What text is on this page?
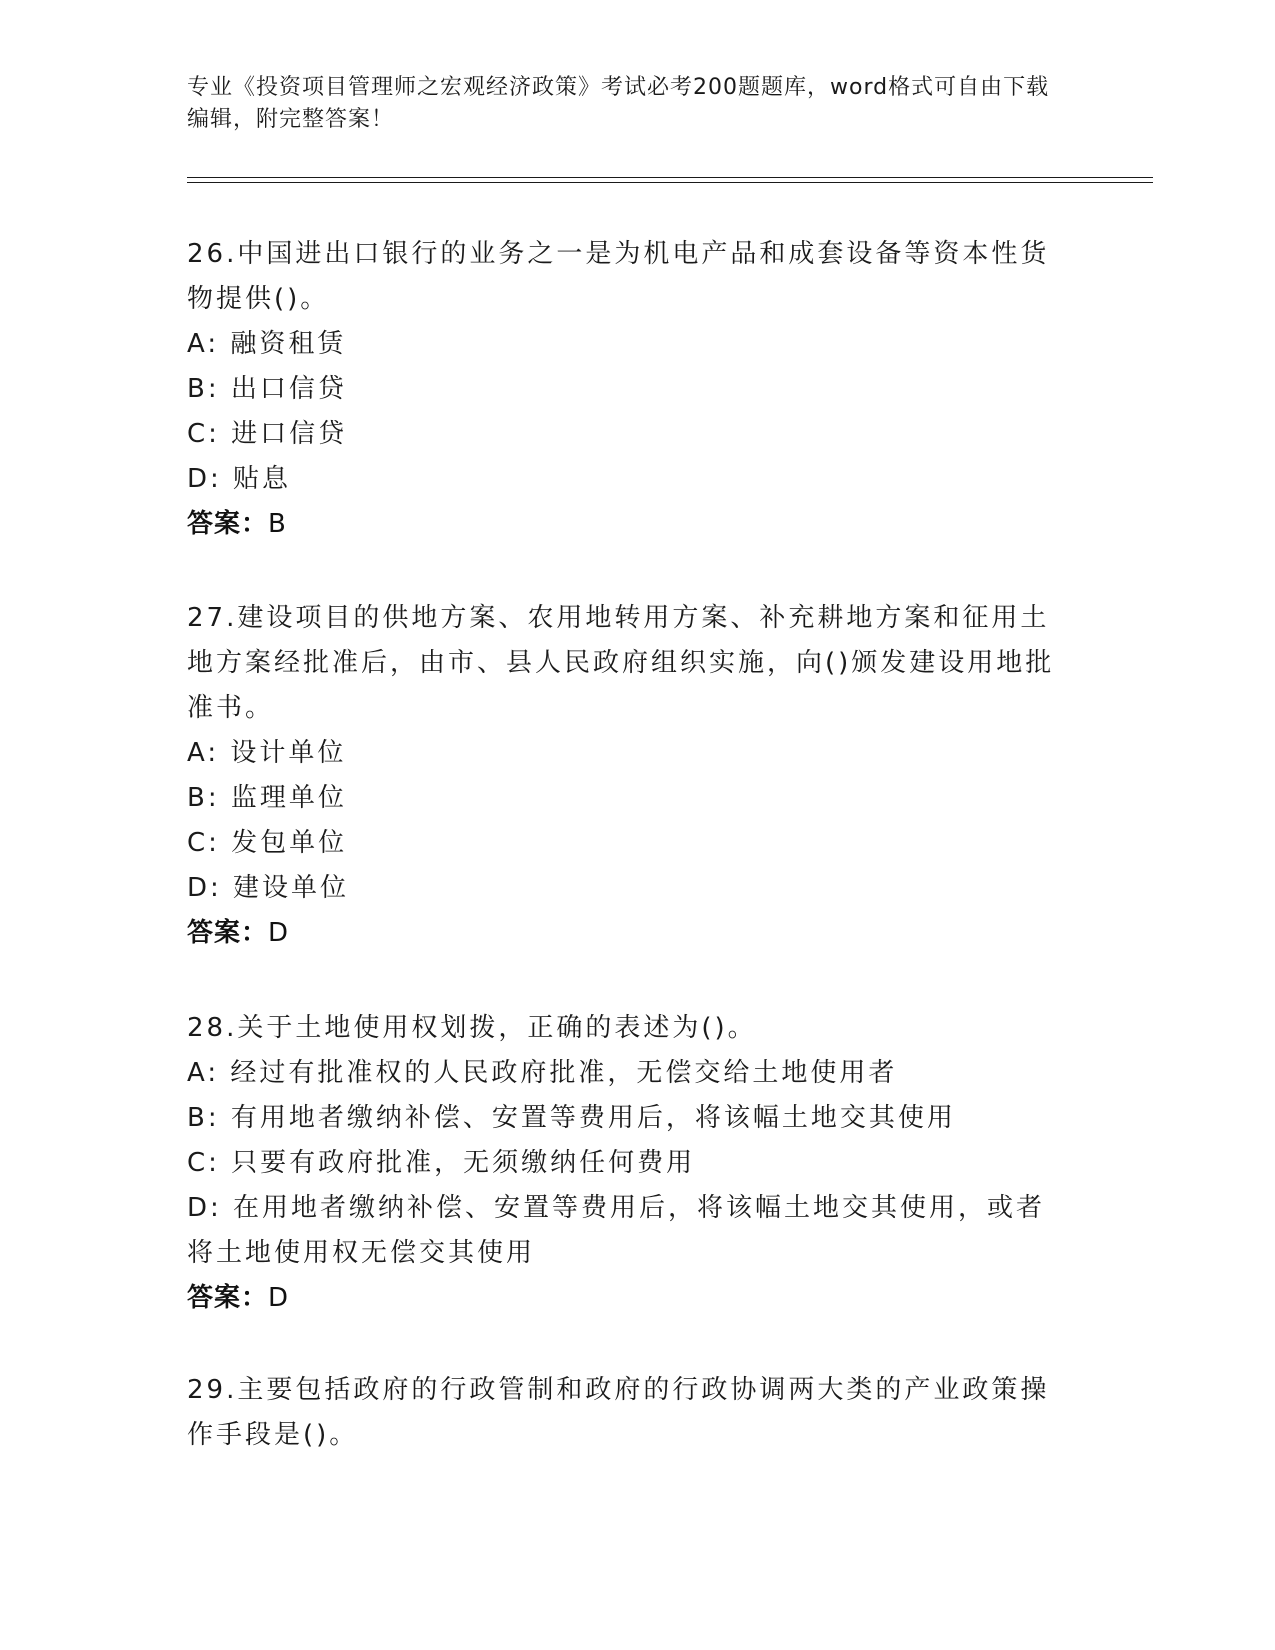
专业《投资项目管理师之宏观经济政策》考试必考200题题库，word格式可自由下载编辑，附完整答案！

26.中国进出口银行的业务之一是为机电产品和成套设备等资本性货物提供()。

A: 融资租赁

B: 出口信贷

C: 进口信贷

D: 贴息

答案：B

27.建设项目的供地方案、农用地转用方案、补充耕地方案和征用土地方案经批准后，由市、县人民政府组织实施，向()颁发建设用地批准书。

A: 设计单位

B: 监理单位

C: 发包单位

D: 建设单位

答案：D

28.关于土地使用权划拨，正确的表述为()。

A: 经过有批准权的人民政府批准，无偿交给土地使用者

B: 有用地者缴纳补偿、安置等费用后，将该幅土地交其使用

C: 只要有政府批准，无须缴纳任何费用

D: 在用地者缴纳补偿、安置等费用后，将该幅土地交其使用，或者将土地使用权无偿交其使用

答案：D

29.主要包括政府的行政管制和政府的行政协调两大类的产业政策操作手段是()。
